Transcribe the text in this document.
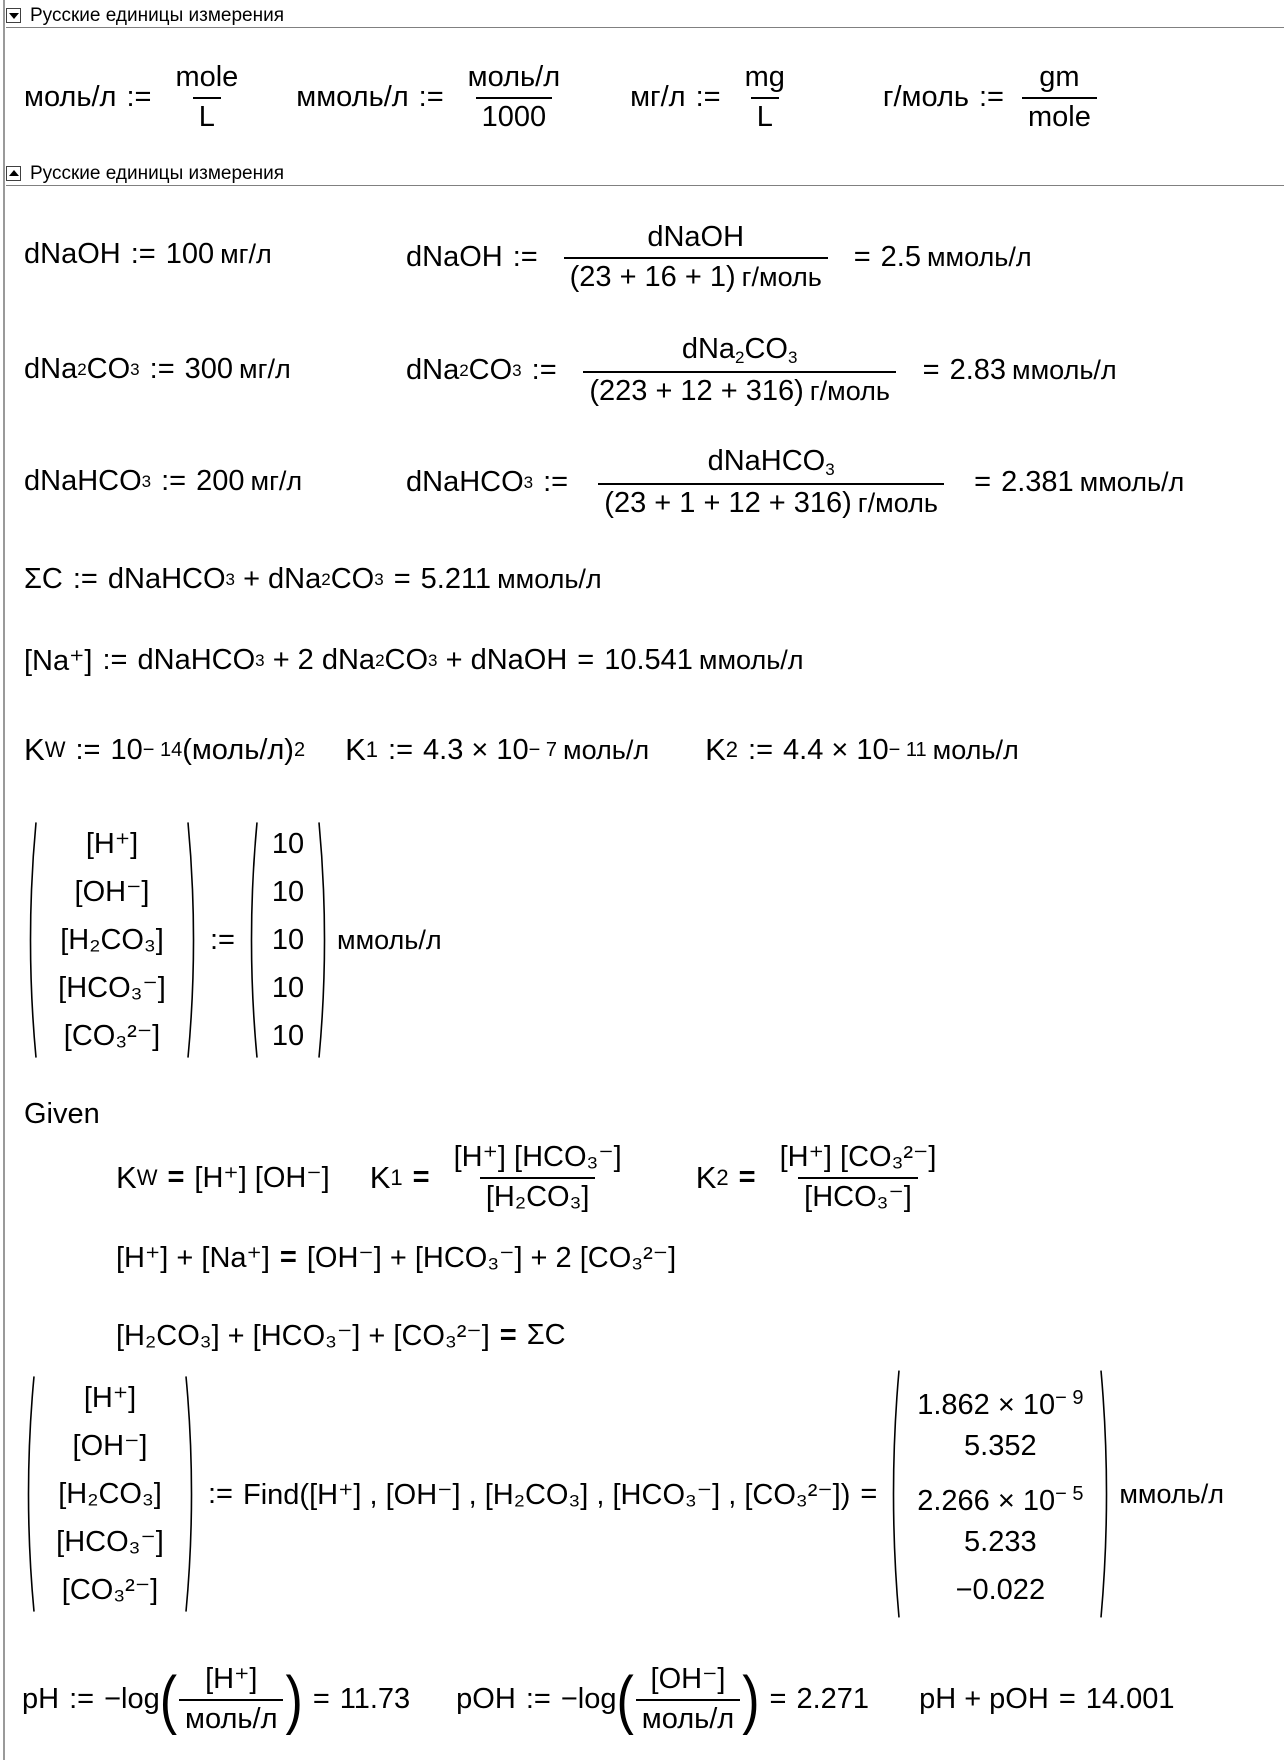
Русские единицы измерения
моль/л := $\frac{\text{mole}}{L}$ ммоль/л := $\frac{\text{моль/л}}{1000} мг/л$ := $\frac{mg}{L}$	г/моль := $\frac{gm}{\text{mole}}$
Русские единицы измерения
dNaOH := 100 мг/л	dNaOH := $\frac{\text{dNaOH}}{\text{(23 + 16 + 1) г/моль}} = 2.5$ ммоль/л
dNa 2 CO 3 := 300 мг/л	dNa 2 CO 3 := $\frac{dNa_2CO_3}{\text{(223 + 12 + 316) г/моль}} = 2.83$ ммоль/л
dNaHCO 3 := 200 мг/л	dNaHCO 3 := $\frac{dNaHCO_3}{\text{(23 + 1 + 12 + 316) г/моль}} = 2.381$ ммоль/л
ΣC := dNaHCO 3
+ dNa 2 CO 3 = 5.211 ммоль/л
[Na⁺] := dNaHCO 3
+ 2 dNa 2 CO 3
+ dNaOH = 10.541 ммоль/л
K W := 10 − 14 (моль/л) 2 K 1 := 4.3 × 10 − 7 моль/л K 2 := 4.4 × 10 − 11 моль/л
[H⁺]
[OH⁻]
[H₂CO₃]
[HCO₃⁻]
[CO₃²⁻]
:=
10
10
10
10
10
ммоль/л
Given
K W = [H⁺] [OH⁻] K $1 = \frac{\text{[H⁺] [HCO₃⁻]}}{\text{[H₂CO₃]}}$ K $2 = \frac{\text{[H⁺] [CO₃²⁻]}}{\text{[HCO₃⁻]}}$
[H⁺] + [Na⁺] = [OH⁻] + [HCO₃⁻] + 2 [CO₃²⁻]
[H₂CO₃] + [HCO₃⁻] + [CO₃²⁻] = ΣC
[H⁺]
[OH⁻]
[H₂CO₃]
[HCO₃⁻]
[CO₃²⁻]
:= Find([H⁺] , [OH⁻] , [H₂CO₃] , [HCO₃⁻] , [CO₃²⁻]) =
$1.862 \times 10^{- 9}$
5.352
$2.266 \times 10^{- 5}$
5.233
−0.022
ммоль/л
pH := −log ( $\frac{[H^+]}{\text{моль/л}}$ ) = 11.73 pOH := −log ( $\frac{[OH^-]}{\text{моль/л}}$ ) = 2.271 pH + pOH = 14.001
